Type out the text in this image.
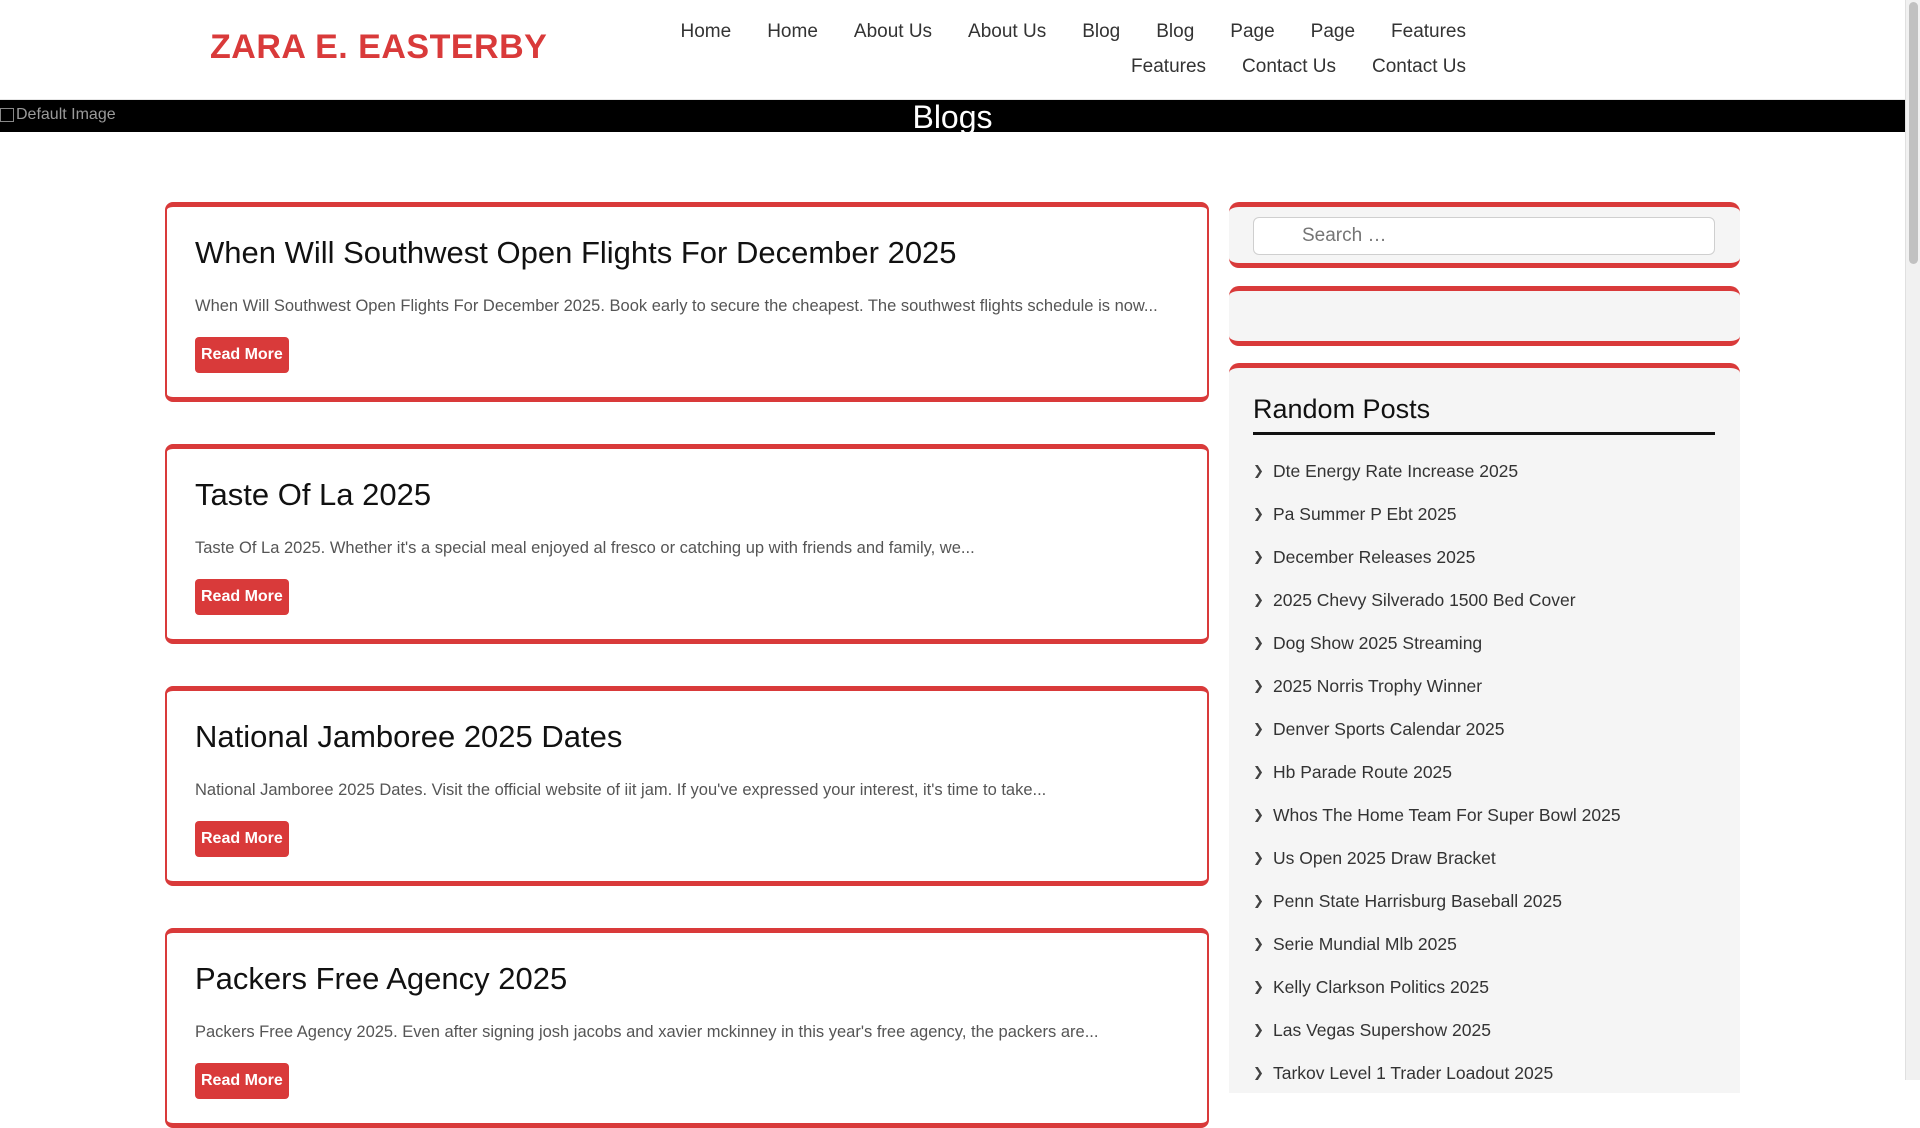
ZARA E. EASTERBY	Home	Home	About Us	About Us	Blog	Blog	Page	Page	Features
Features	Contact Us	Contact Us
Default Image	Blogs
When Will Southwest Open Flights For December 2025

When Will Southwest Open Flights For December 2025. Book early to secure the cheapest. The southwest flights schedule is now...

Read More
Taste Of La 2025

Taste Of La 2025. Whether it's a special meal enjoyed al fresco or catching up with friends and family, we...

Read More
National Jamboree 2025 Dates

National Jamboree 2025 Dates. Visit the official website of iit jam. If you've expressed your interest, it's time to take...

Read More
Packers Free Agency 2025

Packers Free Agency 2025. Even after signing josh jacobs and xavier mckinney in this year's free agency, the packers are...

Read More
Search …
Random Posts
❯ Dte Energy Rate Increase 2025
❯ Pa Summer P Ebt 2025
❯ December Releases 2025
❯ 2025 Chevy Silverado 1500 Bed Cover
❯ Dog Show 2025 Streaming
❯ 2025 Norris Trophy Winner
❯ Denver Sports Calendar 2025
❯ Hb Parade Route 2025
❯ Whos The Home Team For Super Bowl 2025
❯ Us Open 2025 Draw Bracket
❯ Penn State Harrisburg Baseball 2025
❯ Serie Mundial Mlb 2025
❯ Kelly Clarkson Politics 2025
❯ Las Vegas Supershow 2025
❯ Tarkov Level 1 Trader Loadout 2025
